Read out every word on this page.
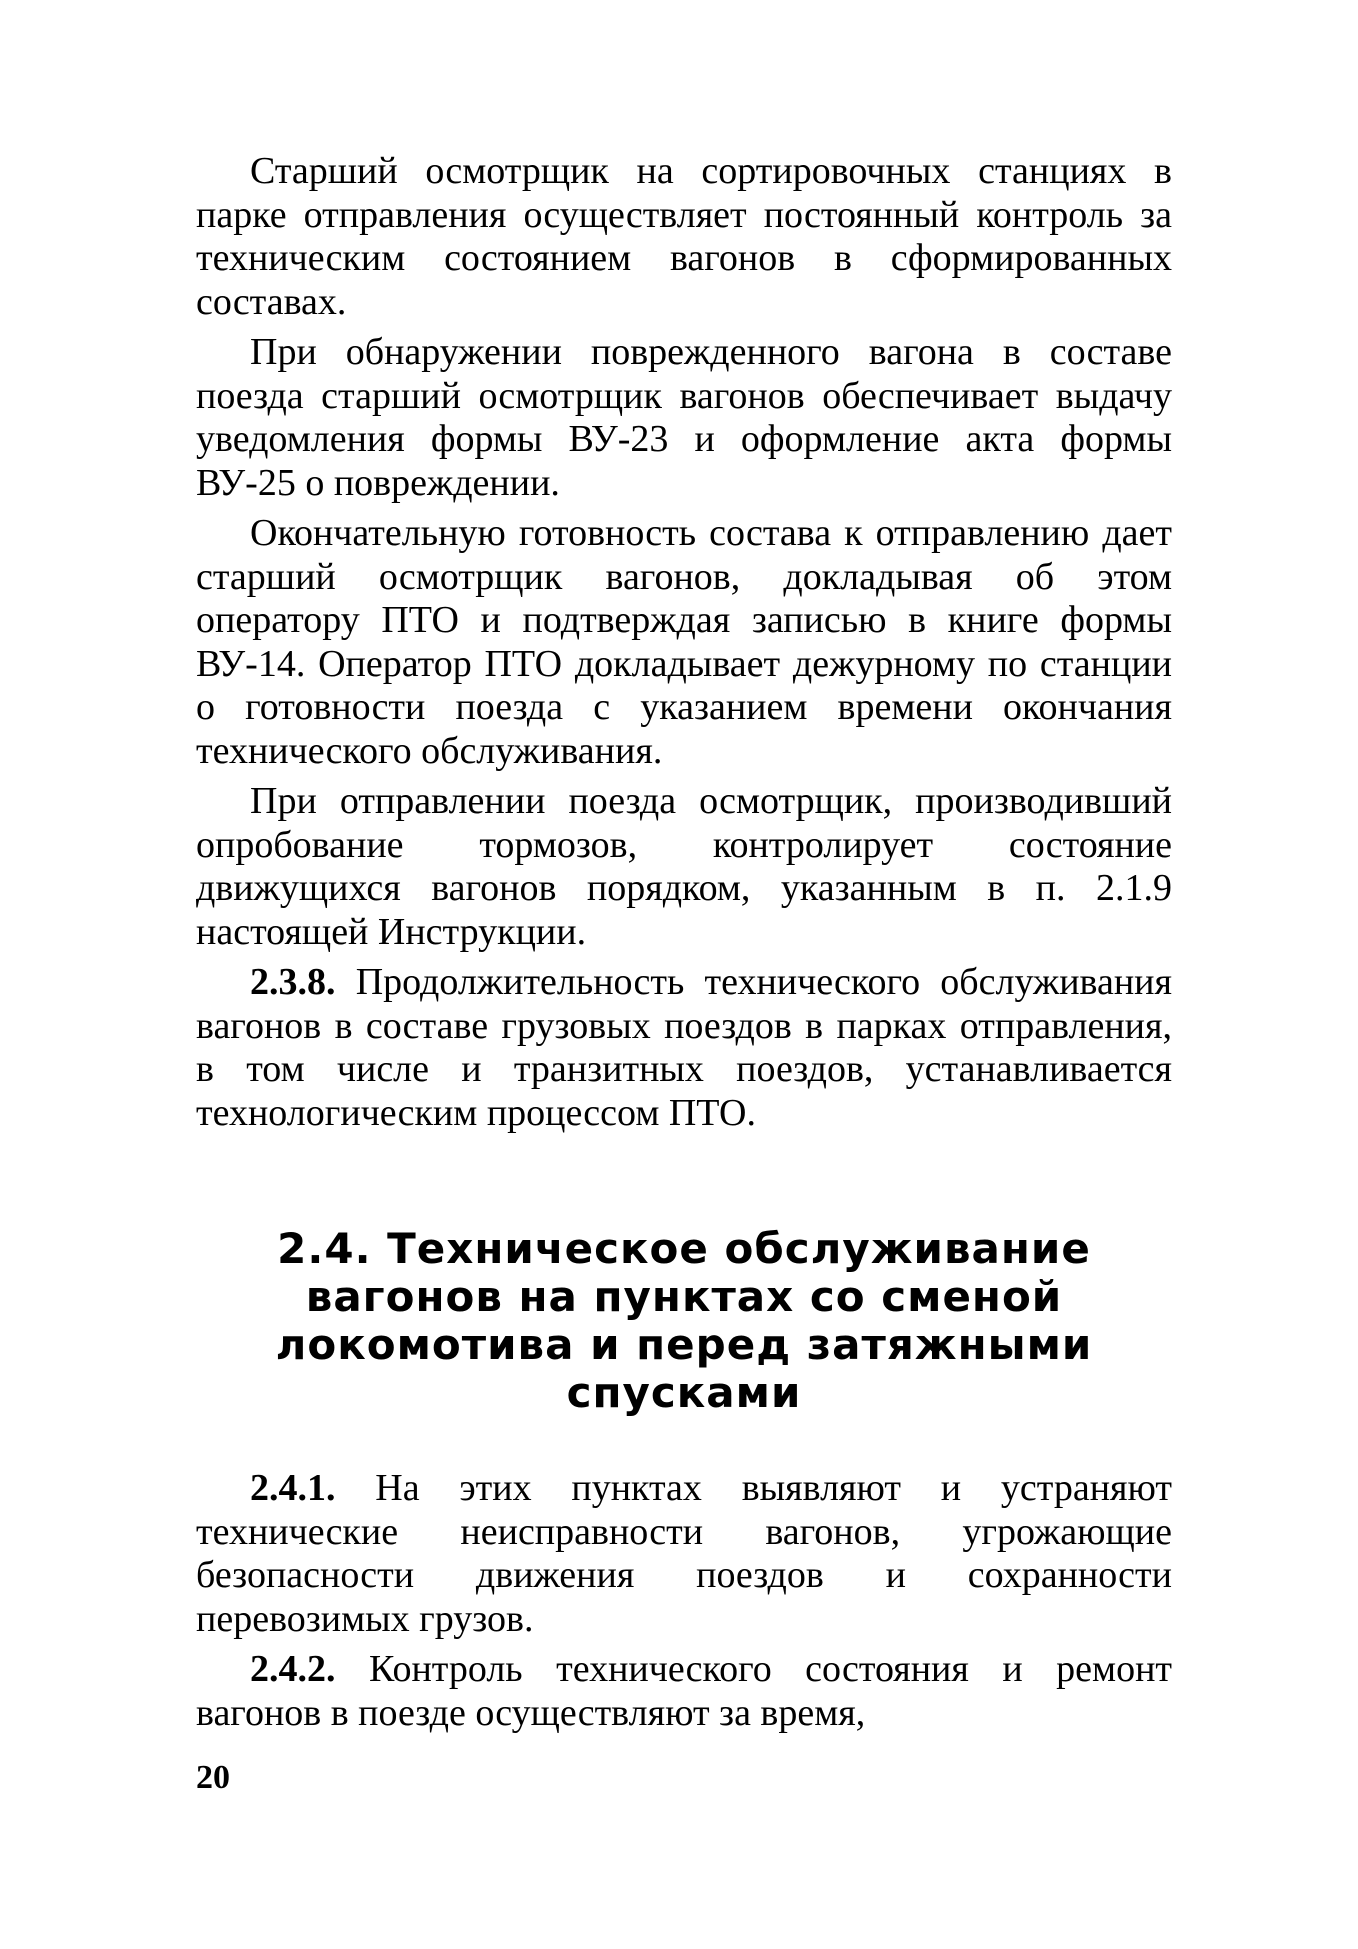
Старший осмотрщик на сортировочных станциях в парке отправления осуществляет постоянный контроль за техническим состоянием вагонов в сформированных составах.

При обнаружении поврежденного вагона в составе поезда старший осмотрщик вагонов обеспечивает выдачу уведомления формы ВУ-23 и оформление акта формы ВУ-25 о повреждении.

Окончательную готовность состава к отправлению дает старший осмотрщик вагонов, докладывая об этом оператору ПТО и подтверждая записью в книге формы ВУ-14. Оператор ПТО докладывает дежурному по станции о готовности поезда с указанием времени окончания технического обслуживания.

При отправлении поезда осмотрщик, производивший опробование тормозов, контролирует состояние движущихся вагонов порядком, указанным в п. 2.1.9 настоящей Инструкции.

2.3.8. Продолжительность технического обслуживания вагонов в составе грузовых поездов в парках отправления, в том числе и транзитных поездов, устанавливается технологическим процессом ПТО.

2.4. Техническое обслуживание вагонов на пунктах со сменой локомотива и перед затяжными спусками

2.4.1. На этих пунктах выявляют и устраняют технические неисправности вагонов, угрожающие безопасности движения поездов и сохранности перевозимых грузов.

2.4.2. Контроль технического состояния и ремонт вагонов в поезде осуществляют за время,

20
